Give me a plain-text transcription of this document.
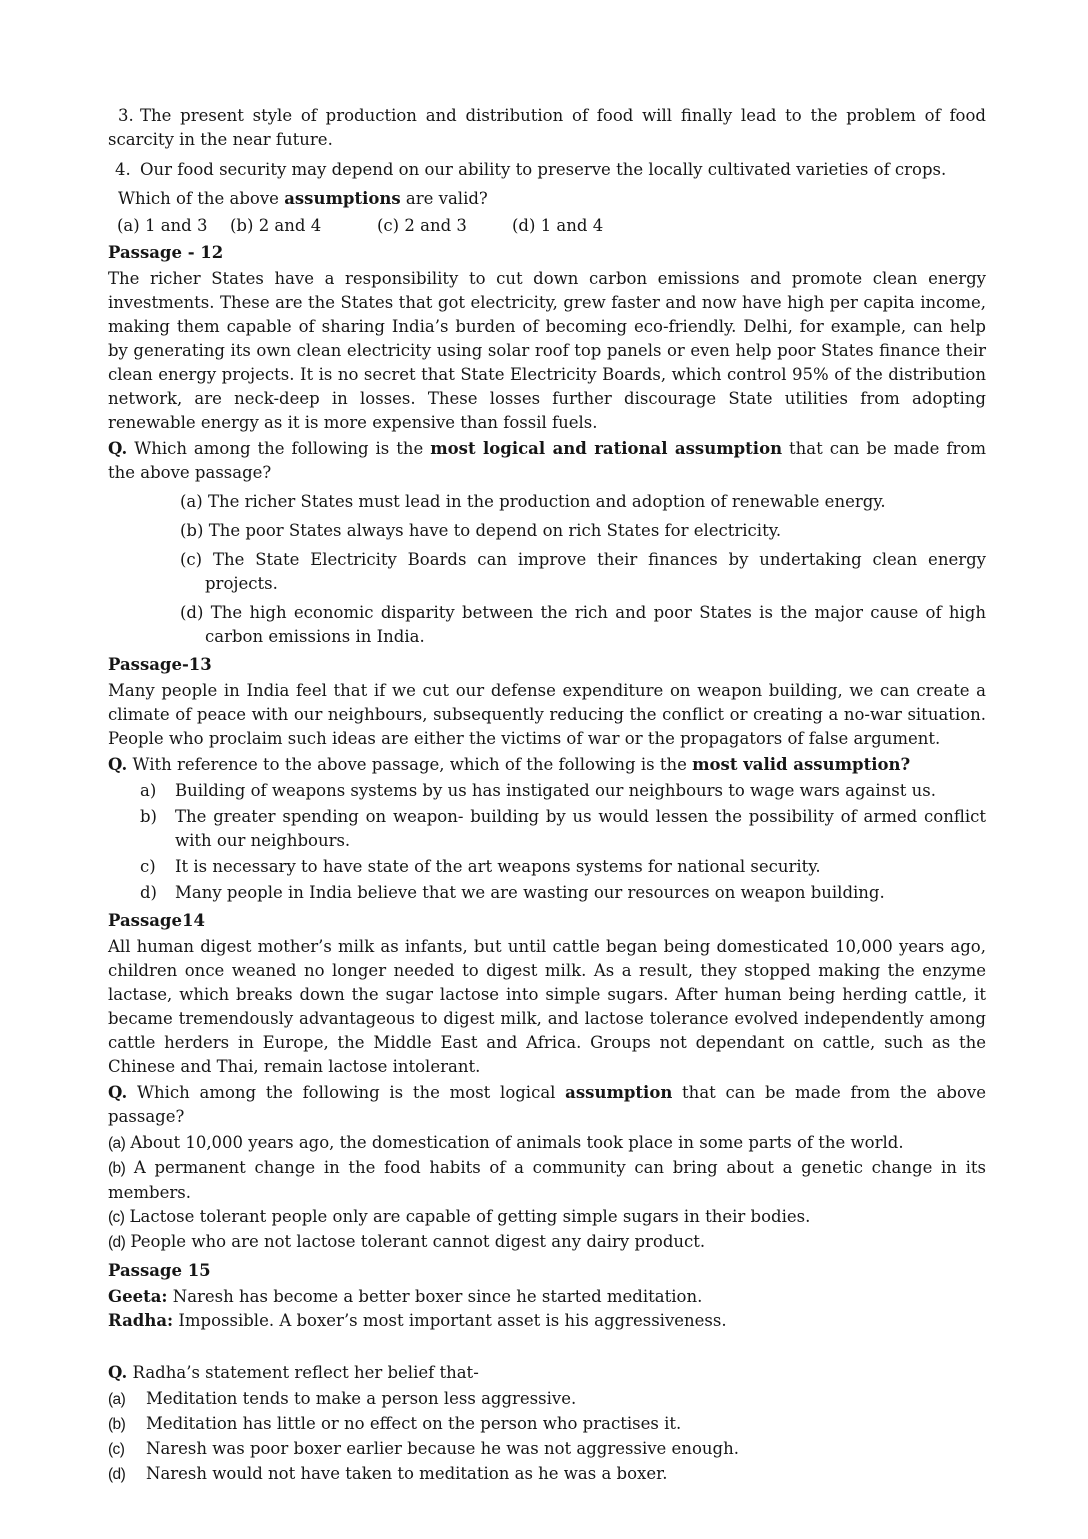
3. The present style of production and distribution of food will finally lead to the problem of food scarcity in the near future.

4. Our food security may depend on our ability to preserve the locally cultivated varieties of crops.

Which of the above assumptions are valid?

(a) 1 and 3 (b) 2 and 4	(c) 2 and 3	(d) 1 and 4

Passage - 12

The richer States have a responsibility to cut down carbon emissions and promote clean energy investments. These are the States that got electricity, grew faster and now have high per capita income, making them capable of sharing India’s burden of becoming eco-friendly. Delhi, for example, can help by generating its own clean electricity using solar roof top panels or even help poor States finance their clean energy projects. It is no secret that State Electricity Boards, which control 95% of the distribution network, are neck-deep in losses. These losses further discourage State utilities from adopting renewable energy as it is more expensive than fossil fuels.

Q. Which among the following is the most logical and rational assumption that can be made from the above passage?

(a) The richer States must lead in the production and adoption of renewable energy.

(b) The poor States always have to depend on rich States for electricity.

(c) The State Electricity Boards can improve their finances by undertaking clean energy projects.

(d) The high economic disparity between the rich and poor States is the major cause of high carbon emissions in India.

Passage-13

Many people in India feel that if we cut our defense expenditure on weapon building, we can create a climate of peace with our neighbours, subsequently reducing the conflict or creating a no-war situation. People who proclaim such ideas are either the victims of war or the propagators of false argument.

Q. With reference to the above passage, which of the following is the most valid assumption?

a) Building of weapons systems by us has instigated our neighbours to wage wars against us.

b) The greater spending on weapon- building by us would lessen the possibility of armed conflict with our neighbours.

c) It is necessary to have state of the art weapons systems for national security.

d) Many people in India believe that we are wasting our resources on weapon building.

Passage14

All human digest mother’s milk as infants, but until cattle began being domesticated 10,000 years ago, children once weaned no longer needed to digest milk. As a result, they stopped making the enzyme lactase, which breaks down the sugar lactose into simple sugars. After human being herding cattle, it became tremendously advantageous to digest milk, and lactose tolerance evolved independently among cattle herders in Europe, the Middle East and Africa. Groups not dependant on cattle, such as the Chinese and Thai, remain lactose intolerant.

Q. Which among the following is the most logical assumption that can be made from the above passage?

(a) About 10,000 years ago, the domestication of animals took place in some parts of the world.

(b) A permanent change in the food habits of a community can bring about a genetic change in its members.

(c) Lactose tolerant people only are capable of getting simple sugars in their bodies.

(d) People who are not lactose tolerant cannot digest any dairy product.

Passage 15

Geeta: Naresh has become a better boxer since he started meditation.

Radha: Impossible. A boxer’s most important asset is his aggressiveness.

Q. Radha’s statement reflect her belief that-

(a) Meditation tends to make a person less aggressive.

(b) Meditation has little or no effect on the person who practises it.

(c) Naresh was poor boxer earlier because he was not aggressive enough.

(d) Naresh would not have taken to meditation as he was a boxer.
